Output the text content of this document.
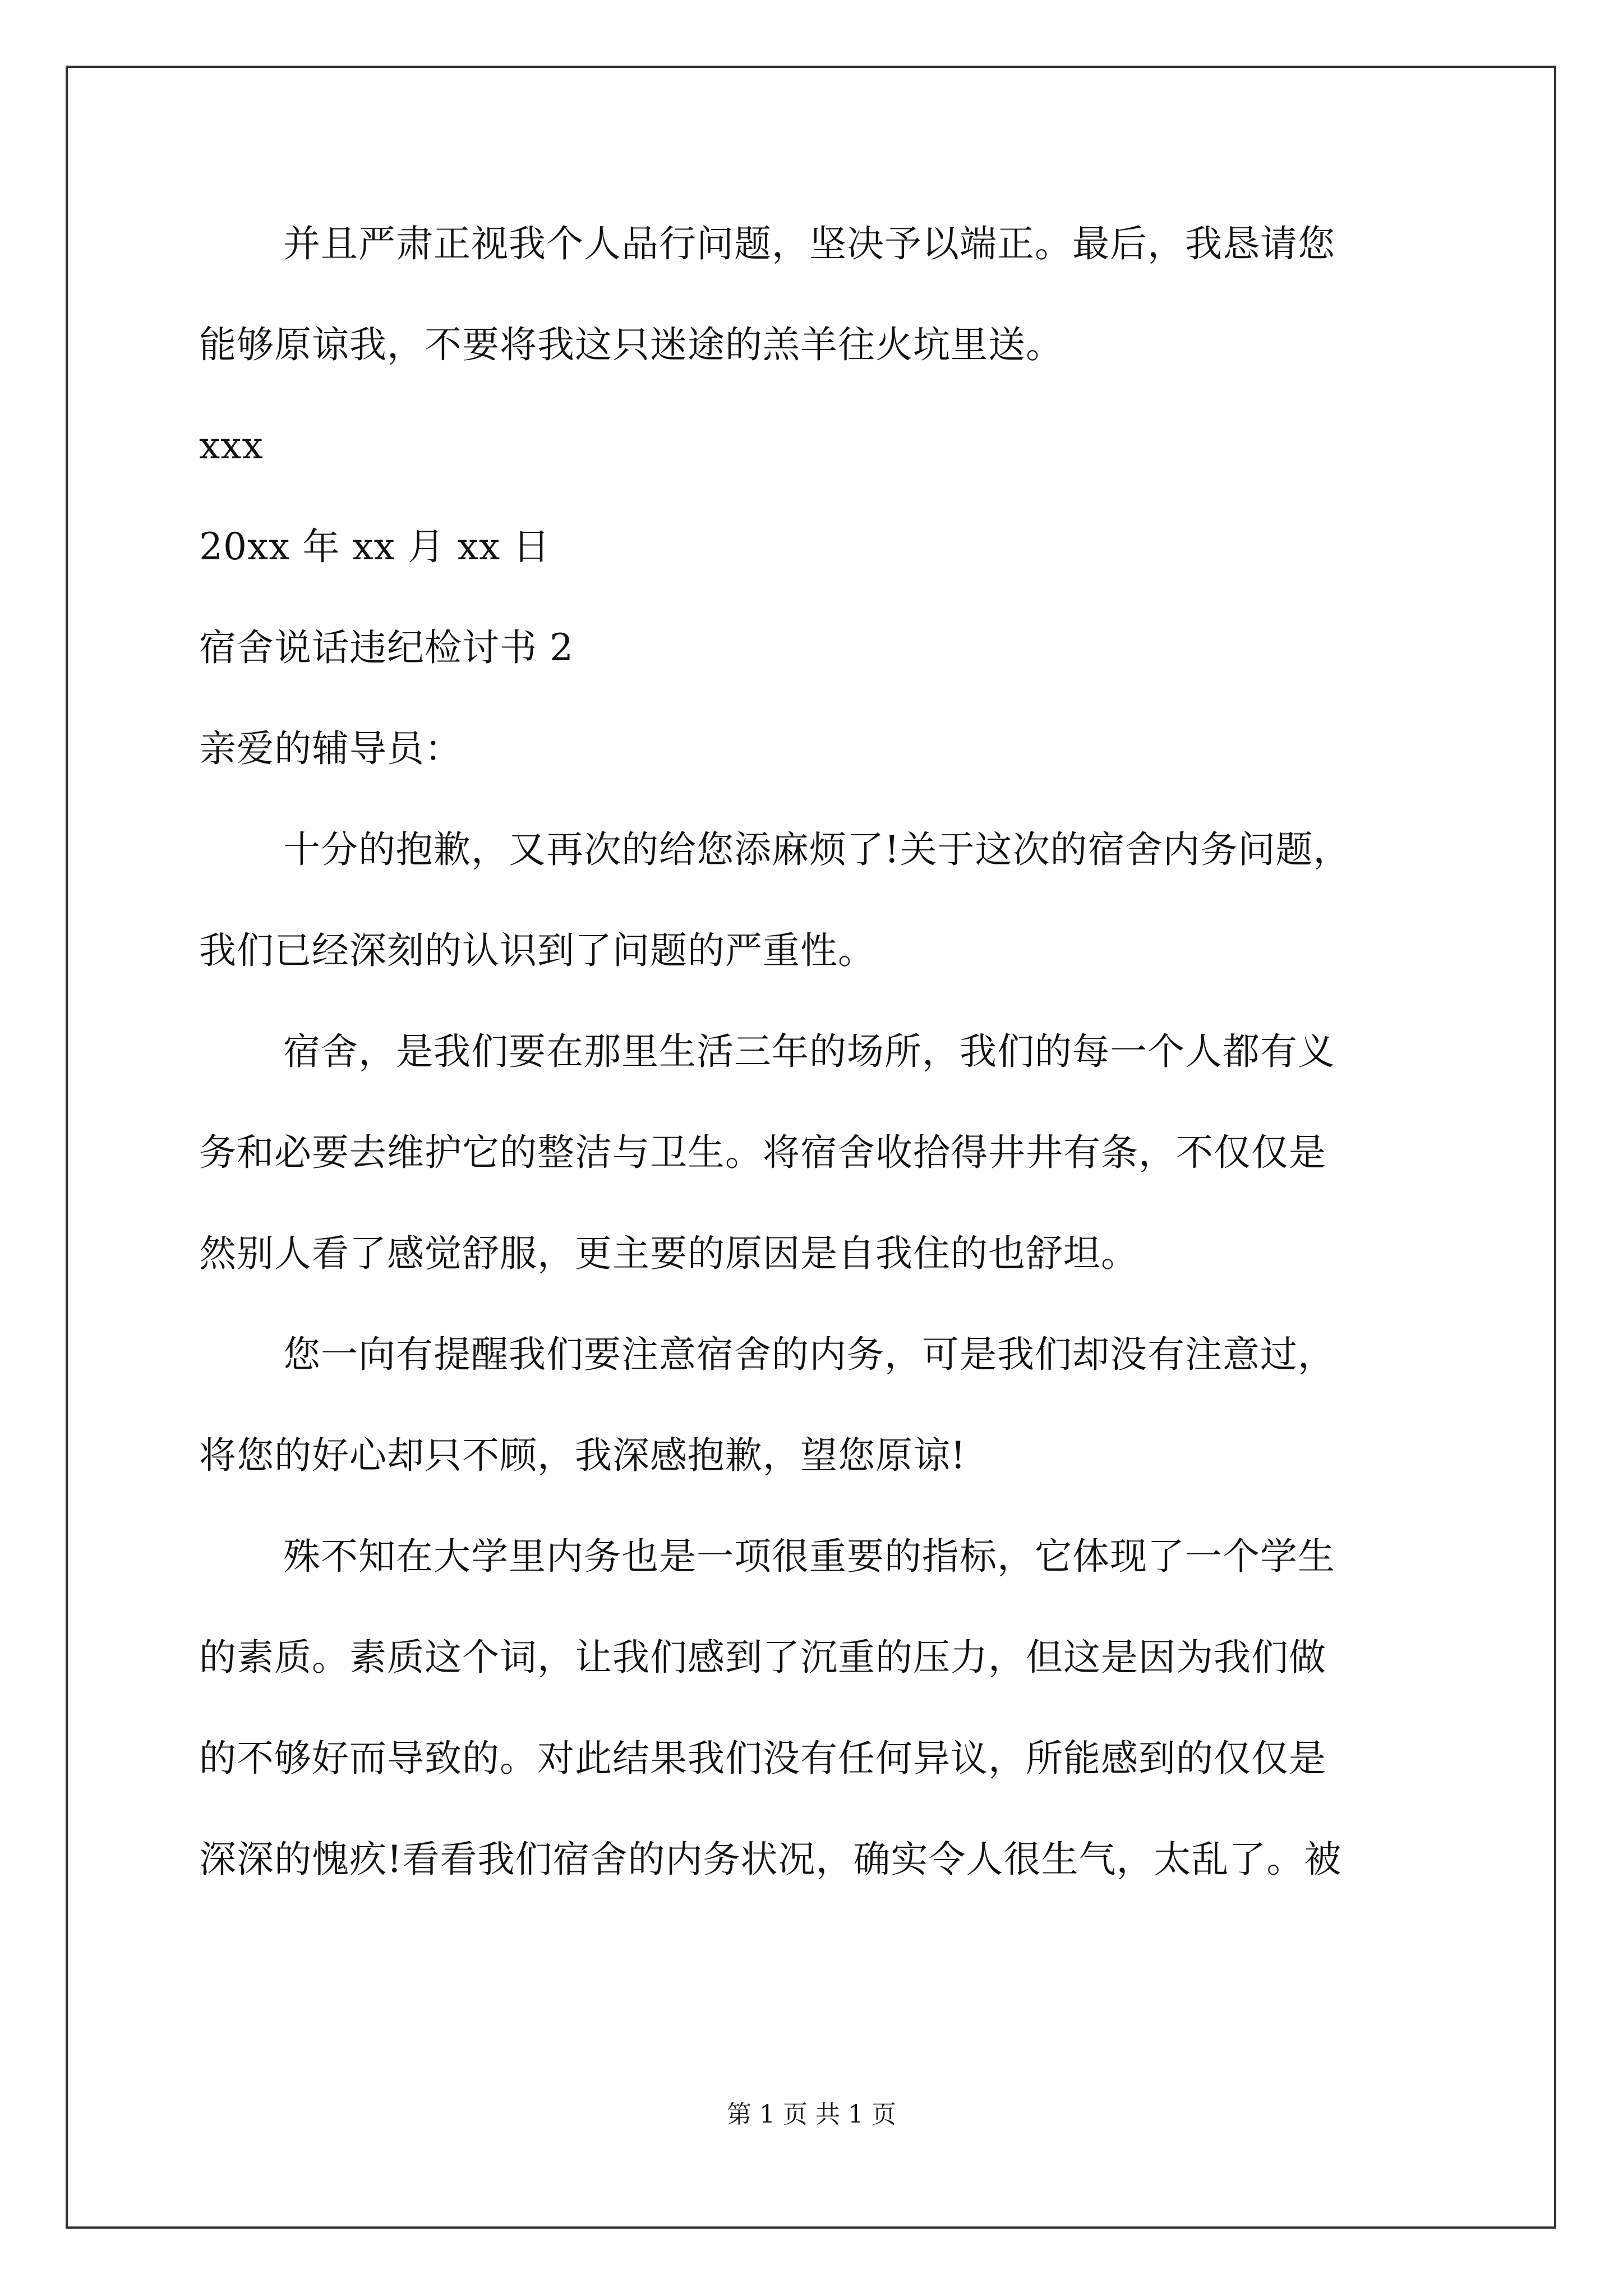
并且严肃正视我个人品行问题，坚决予以端正。最后，我恳请您
能够原谅我，不要将我这只迷途的羔羊往火坑里送。
xxx
20xx 年 xx 月 xx 日
宿舍说话违纪检讨书 2
亲爱的辅导员：
十分的抱歉，又再次的给您添麻烦了!关于这次的宿舍内务问题，
我们已经深刻的认识到了问题的严重性。
宿舍，是我们要在那里生活三年的场所，我们的每一个人都有义
务和必要去维护它的整洁与卫生。将宿舍收拾得井井有条，不仅仅是
然别人看了感觉舒服，更主要的原因是自我住的也舒坦。
您一向有提醒我们要注意宿舍的内务，可是我们却没有注意过，
将您的好心却只不顾，我深感抱歉，望您原谅!
殊不知在大学里内务也是一项很重要的指标，它体现了一个学生
的素质。素质这个词，让我们感到了沉重的压力，但这是因为我们做
的不够好而导致的。对此结果我们没有任何异议，所能感到的仅仅是
深深的愧疚!看看我们宿舍的内务状况，确实令人很生气，太乱了。被
第 1 页 共 1 页
